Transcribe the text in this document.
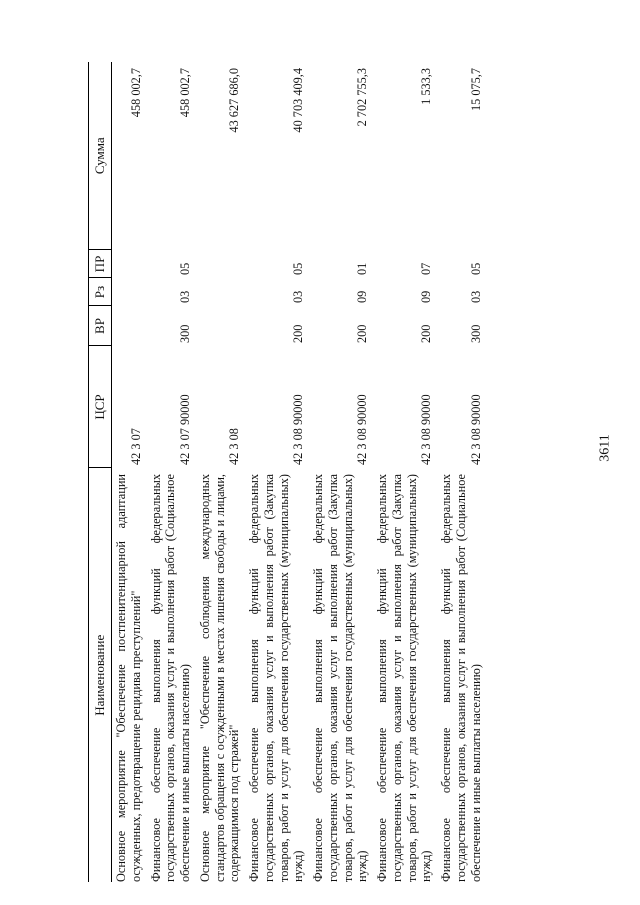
3611
Наименование	ЦСР	ВР	Рз	ПР	Сумма
Основное мероприятие "Обеспечение постпенитенциарной адаптации осужденных, предотвращение рецидива преступлений"	42 3 07				458 002,7
Финансовое обеспечение выполнения функций федеральных государственных органов, оказания услуг и выполнения работ (Социальное обеспечение и иные выплаты населению)	42 3 07 90000	300	03	05	458 002,7
Основное мероприятие "Обеспечение соблюдения международных стандартов обращения с осужденными в местах лишения свободы и лицами, содержащимися под стражей"	42 3 08				43 627 686,0
Финансовое обеспечение выполнения функций федеральных государственных органов, оказания услуг и выполнения работ (Закупка товаров, работ и услуг для обеспечения государственных (муниципальных) нужд)	42 3 08 90000	200	03	05	40 703 409,4
Финансовое обеспечение выполнения функций федеральных государственных органов, оказания услуг и выполнения работ (Закупка товаров, работ и услуг для обеспечения государственных (муниципальных) нужд)	42 3 08 90000	200	09	01	2 702 755,3
Финансовое обеспечение выполнения функций федеральных государственных органов, оказания услуг и выполнения работ (Закупка товаров, работ и услуг для обеспечения государственных (муниципальных) нужд)	42 3 08 90000	200	09	07	1 533,3
Финансовое обеспечение выполнения функций федеральных государственных органов, оказания услуг и выполнения работ (Социальное обеспечение и иные выплаты населению)	42 3 08 90000	300	03	05	15 075,7
